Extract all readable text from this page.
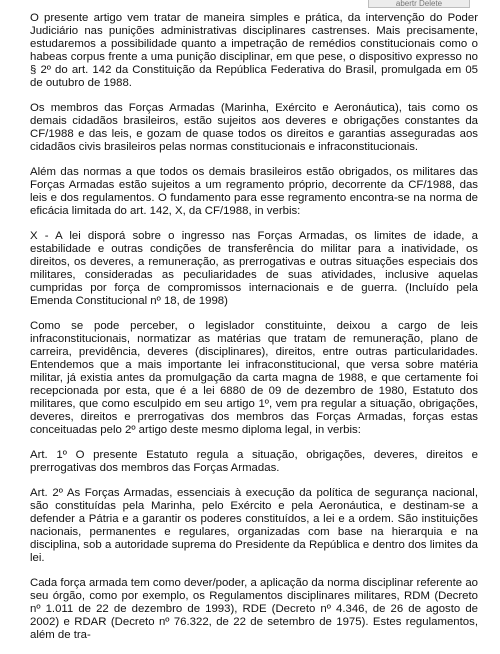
abertr Delete

O presente artigo vem tratar de maneira simples e prática, da intervenção do Poder Judiciário nas punições administrativas disciplinares castrenses. Mais precisamente, estudaremos a possibilidade quanto a impetração de remédios constitucionais como o habeas corpus frente a uma punição disciplinar, em que pese, o dispositivo expresso no § 2º do art. 142 da Constituição da República Federativa do Brasil, promulgada em 05 de outubro de 1988.

Os membros das Forças Armadas (Marinha, Exército e Aeronáutica), tais como os demais cidadãos brasileiros, estão sujeitos aos deveres e obrigações constantes da CF/1988 e das leis, e gozam de quase todos os direitos e garantias asseguradas aos cidadãos civis brasileiros pelas normas constitucionais e infraconstitucionais.

Além das normas a que todos os demais brasileiros estão obrigados, os militares das Forças Armadas estão sujeitos a um regramento próprio, decorrente da CF/1988, das leis e dos regulamentos. O fundamento para esse regramento encontra-se na norma de eficácia limitada do art. 142, X, da CF/1988, in verbis:

X - A lei disporá sobre o ingresso nas Forças Armadas, os limites de idade, a estabilidade e outras condições de transferência do militar para a inatividade, os direitos, os deveres, a remuneração, as prerrogativas e outras situações especiais dos militares, consideradas as peculiaridades de suas atividades, inclusive aquelas cumpridas por força de compromissos internacionais e de guerra. (Incluído pela Emenda Constitucional nº 18, de 1998)

Como se pode perceber, o legislador constituinte, deixou a cargo de leis infraconstitucionais, normatizar as matérias que tratam de remuneração, plano de carreira, previdência, deveres (disciplinares), direitos, entre outras particularidades. Entendemos que a mais importante lei infraconstitucional, que versa sobre matéria militar, já existia antes da promulgação da carta magna de 1988, e que certamente foi recepcionada por esta, que é a lei 6880 de 09 de dezembro de 1980, Estatuto dos militares, que como esculpido em seu artigo 1º, vem pra regular a situação, obrigações, deveres, direitos e prerrogativas dos membros das Forças Armadas, forças estas conceituadas pelo 2º artigo deste mesmo diploma legal, in verbis:

Art. 1º O presente Estatuto regula a situação, obrigações, deveres, direitos e prerrogativas dos membros das Forças Armadas.

Art. 2º As Forças Armadas, essenciais à execução da política de segurança nacional, são constituídas pela Marinha, pelo Exército e pela Aeronáutica, e destinam-se a defender a Pátria e a garantir os poderes constituídos, a lei e a ordem. São instituições nacionais, permanentes e regulares, organizadas com base na hierarquia e na disciplina, sob a autoridade suprema do Presidente da República e dentro dos limites da lei.

Cada força armada tem como dever/poder, a aplicação da norma disciplinar referente ao seu órgão, como por exemplo, os Regulamentos disciplinares militares, RDM (Decreto nº 1.011 de 22 de dezembro de 1993), RDE (Decreto nº 4.346, de 26 de agosto de 2002) e RDAR (Decreto nº 76.322, de 22 de setembro de 1975). Estes regulamentos, além de tra-
